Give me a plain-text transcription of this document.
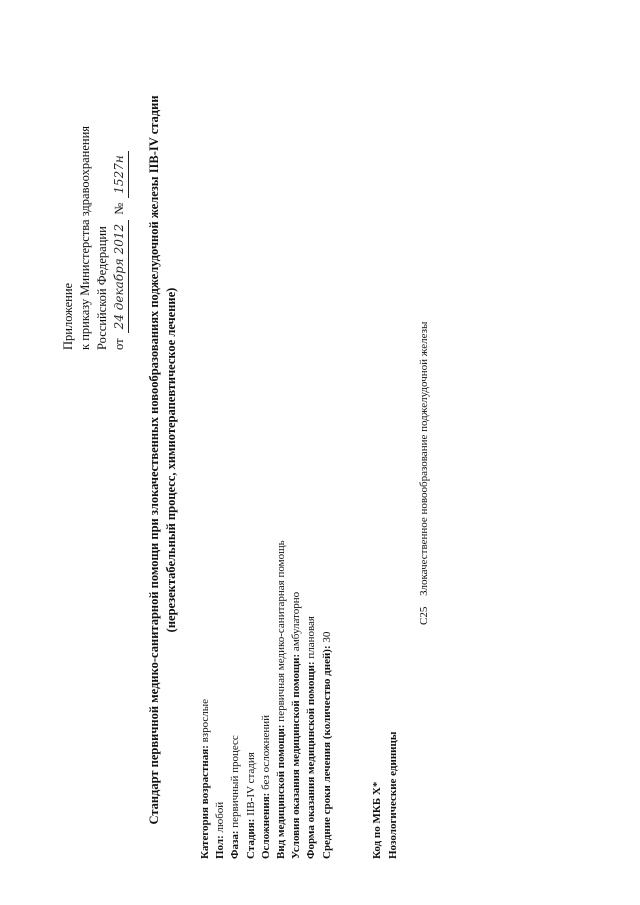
Приложение к приказу Министерства здравоохранения Российской Федерации от 24 декабря 2012 № 1527н Стандарт первичной медико-санитарной помощи при злокачественных новообразованиях поджелудочной железы IIB-IV стадии (нерезектабельный процесс, химиотерапевтическое лечение)
Категория возрастная: взрослые
Пол: любой
Фаза: первичный процесс
Стадия: IIB-IV стадия
Осложнения: без осложнений Вид медицинской помощи: первичная медико-санитарная помощь
Условия оказания медицинской помощи: амбулаторно
Форма оказания медицинской помощи: плановая
Средние сроки лечения (количество дней): 30
Код по МКБ X* Нозологические единицы
C25 Злокачественное новообразование поджелудочной железы
